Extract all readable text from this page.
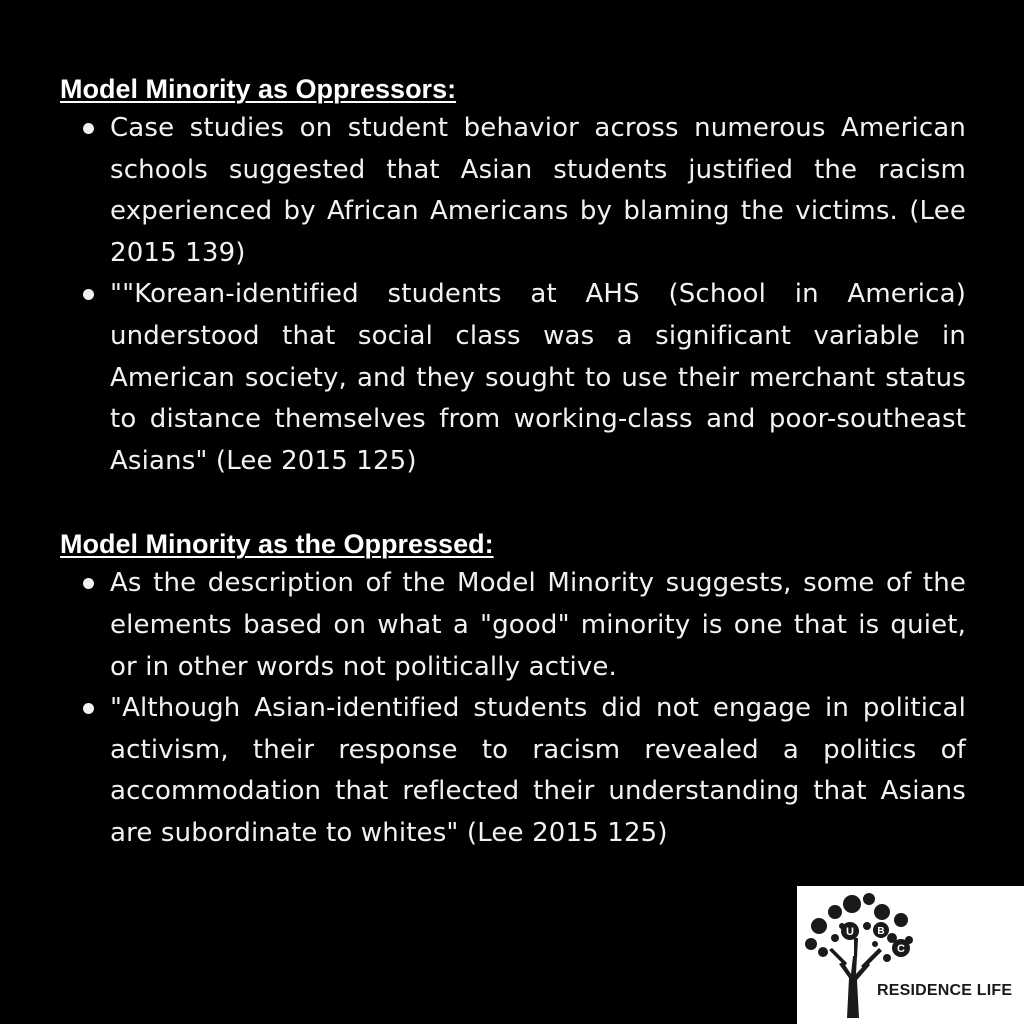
Model Minority as Oppressors:
Case studies on student behavior across numerous American schools suggested that Asian students justified the racism experienced by African Americans by blaming the victims. (Lee 2015 139)
""Korean-identified students at AHS (School in America) understood that social class was a significant variable in American society, and they sought to use their merchant status to distance themselves from working-class and poor-southeast Asians" (Lee 2015 125)
Model Minority as the Oppressed:
As the description of the Model Minority suggests, some of the elements based on what a "good" minority is one that is quiet, or in other words not politically active.
"Although Asian-identified students did not engage in political activism, their response to racism revealed a politics of accommodation that reflected their understanding that Asians are subordinate to whites" (Lee 2015 125)
U B
C
RESIDENCE LIFE
